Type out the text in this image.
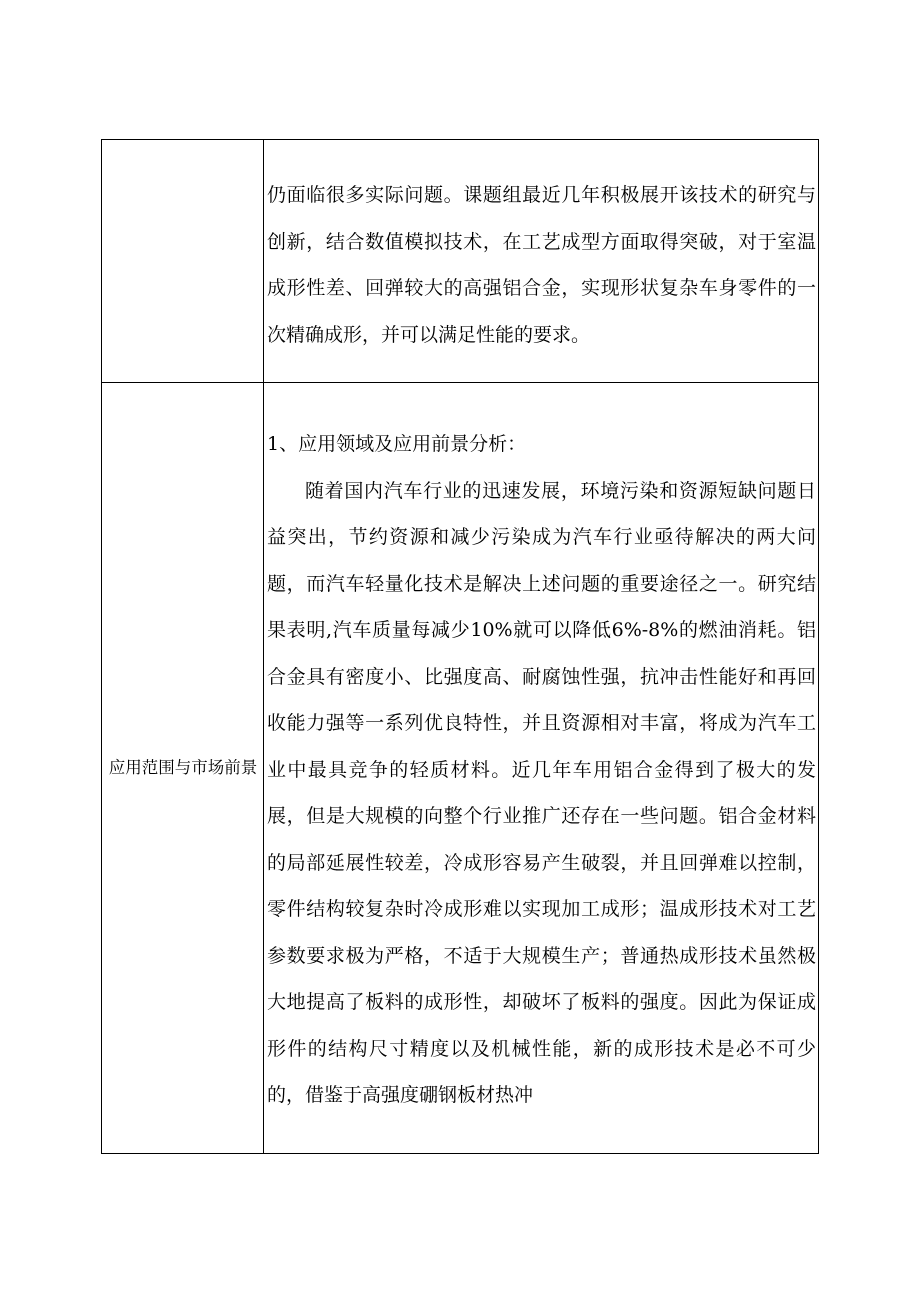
	仍面临很多实际问题。课题组最近几年积极展开该技术的研究与创新，结合数值模拟技术，在工艺成型方面取得突破，对于室温成形性差、回弹较大的高强铝合金，实现形状复杂车身零件的一次精确成形，并可以满足性能的要求。

应用范围与市场前景	1、应用领域及应用前景分析：

随着国内汽车行业的迅速发展，环境污染和资源短缺问题日益突出，节约资源和减少污染成为汽车行业亟待解决的两大问题，而汽车轻量化技术是解决上述问题的重要途径之一。研究结果表明,汽车质量每减少10%就可以降低6%-8%的燃油消耗。铝合金具有密度小、比强度高、耐腐蚀性强，抗冲击性能好和再回收能力强等一系列优良特性，并且资源相对丰富，将成为汽车工业中最具竞争的轻质材料。近几年车用铝合金得到了极大的发展，但是大规模的向整个行业推广还存在一些问题。铝合金材料的局部延展性较差，冷成形容易产生破裂，并且回弹难以控制，零件结构较复杂时冷成形难以实现加工成形；温成形技术对工艺参数要求极为严格，不适于大规模生产；普通热成形技术虽然极大地提高了板料的成形性，却破坏了板料的强度。因此为保证成形件的结构尺寸精度以及机械性能，新的成形技术是必不可少的，借鉴于高强度硼钢板材热冲
